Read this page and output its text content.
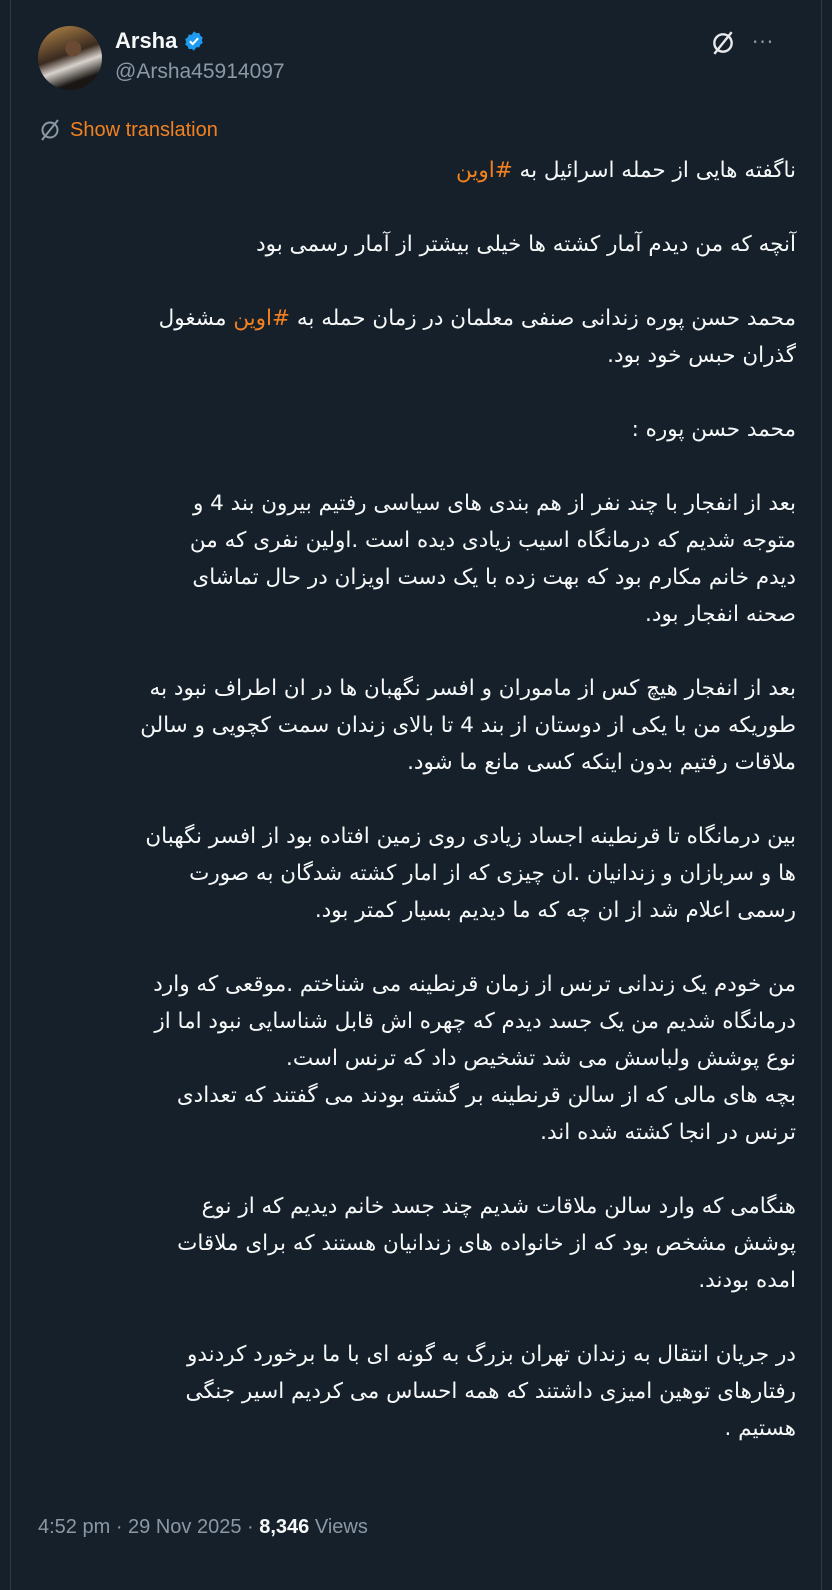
Arsha
@Arsha45914097
···
Show translation
ناگفته هایی از حمله اسرائیل به #اوین
آنچه که من دیدم آمار کشته ها خیلی بیشتر از آمار رسمی بود
محمد حسن پوره زندانی صنفی معلمان در زمان حمله به #اوین مشغول
گذران حبس خود بود.
محمد حسن پوره :
بعد از انفجار با چند نفر از هم بندی های سیاسی رفتیم بیرون بند 4 و
متوجه شدیم که درمانگاه اسیب زیادی دیده است .اولین نفری که من
دیدم خانم مکارم بود که بهت زده با یک دست اویزان در حال تماشای
صحنه انفجار بود.
بعد از انفجار هیچ کس از ماموران و افسر نگهبان ها در ان اطراف نبود به
طوریکه من با یکی از دوستان از بند 4 تا بالای زندان سمت کچویی و سالن
ملاقات رفتیم بدون اینکه کسی مانع ما شود.
بین درمانگاه تا قرنطینه اجساد زیادی روی زمین افتاده بود از افسر نگهبان
ها و سربازان و زندانیان .ان چیزی که از امار کشته شدگان به صورت
رسمی اعلام شد از ان چه که ما دیدیم بسیار کمتر بود.
من خودم یک زندانی ترنس از زمان قرنطینه می شناختم .موقعی که وارد
درمانگاه شدیم من یک جسد دیدم که چهره اش قابل شناسایی نبود اما از
نوع پوشش ولباسش می شد تشخیص داد که ترنس است.
بچه های مالی که از سالن قرنطینه بر گشته بودند می گفتند که تعدادی
ترنس در انجا کشته شده اند.
هنگامی که وارد سالن ملاقات شدیم چند جسد خانم دیدیم که از نوع
پوشش مشخص بود که از خانواده های زندانیان هستند که برای ملاقات
امده بودند.
در جریان انتقال به زندان تهران بزرگ به گونه ای با ما برخورد کردندو
رفتارهای توهین امیزی داشتند که همه احساس می کردیم اسیر جنگی
هستیم .
4:52 pm · 29 Nov 2025 · 8,346 Views
